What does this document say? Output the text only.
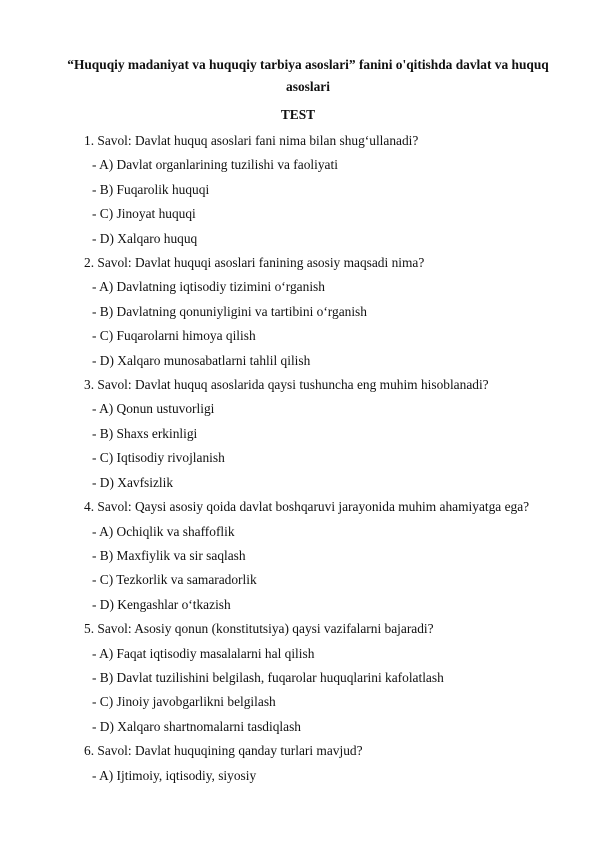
“Huquqiy madaniyat va huquqiy tarbiya asoslari” fanini o'qitishda davlat va huquq asoslari
TEST

1. Savol: Davlat huquq asoslari fani nima bilan shug‘ullanadi?

- A) Davlat organlarining tuzilishi va faoliyati

- B) Fuqarolik huquqi

- C) Jinoyat huquqi

- D) Xalqaro huquq

2. Savol: Davlat huquqi asoslari fanining asosiy maqsadi nima?

- A) Davlatning iqtisodiy tizimini o‘rganish

- B) Davlatning qonuniyligini va tartibini o‘rganish

- C) Fuqarolarni himoya qilish

- D) Xalqaro munosabatlarni tahlil qilish

3. Savol: Davlat huquq asoslarida qaysi tushuncha eng muhim hisoblanadi?

- A) Qonun ustuvorligi

- B) Shaxs erkinligi

- C) Iqtisodiy rivojlanish

- D) Xavfsizlik

4. Savol: Qaysi asosiy qoida davlat boshqaruvi jarayonida muhim ahamiyatga ega?

- A) Ochiqlik va shaffoflik

- B) Maxfiylik va sir saqlash

- C) Tezkorlik va samaradorlik

- D) Kengashlar o‘tkazish

5. Savol: Asosiy qonun (konstitutsiya) qaysi vazifalarni bajaradi?

- A) Faqat iqtisodiy masalalarni hal qilish

- B) Davlat tuzilishini belgilash, fuqarolar huquqlarini kafolatlash

- C) Jinoiy javobgarlikni belgilash

- D) Xalqaro shartnomalarni tasdiqlash

6. Savol: Davlat huquqining qanday turlari mavjud?

- A) Ijtimoiy, iqtisodiy, siyosiy
